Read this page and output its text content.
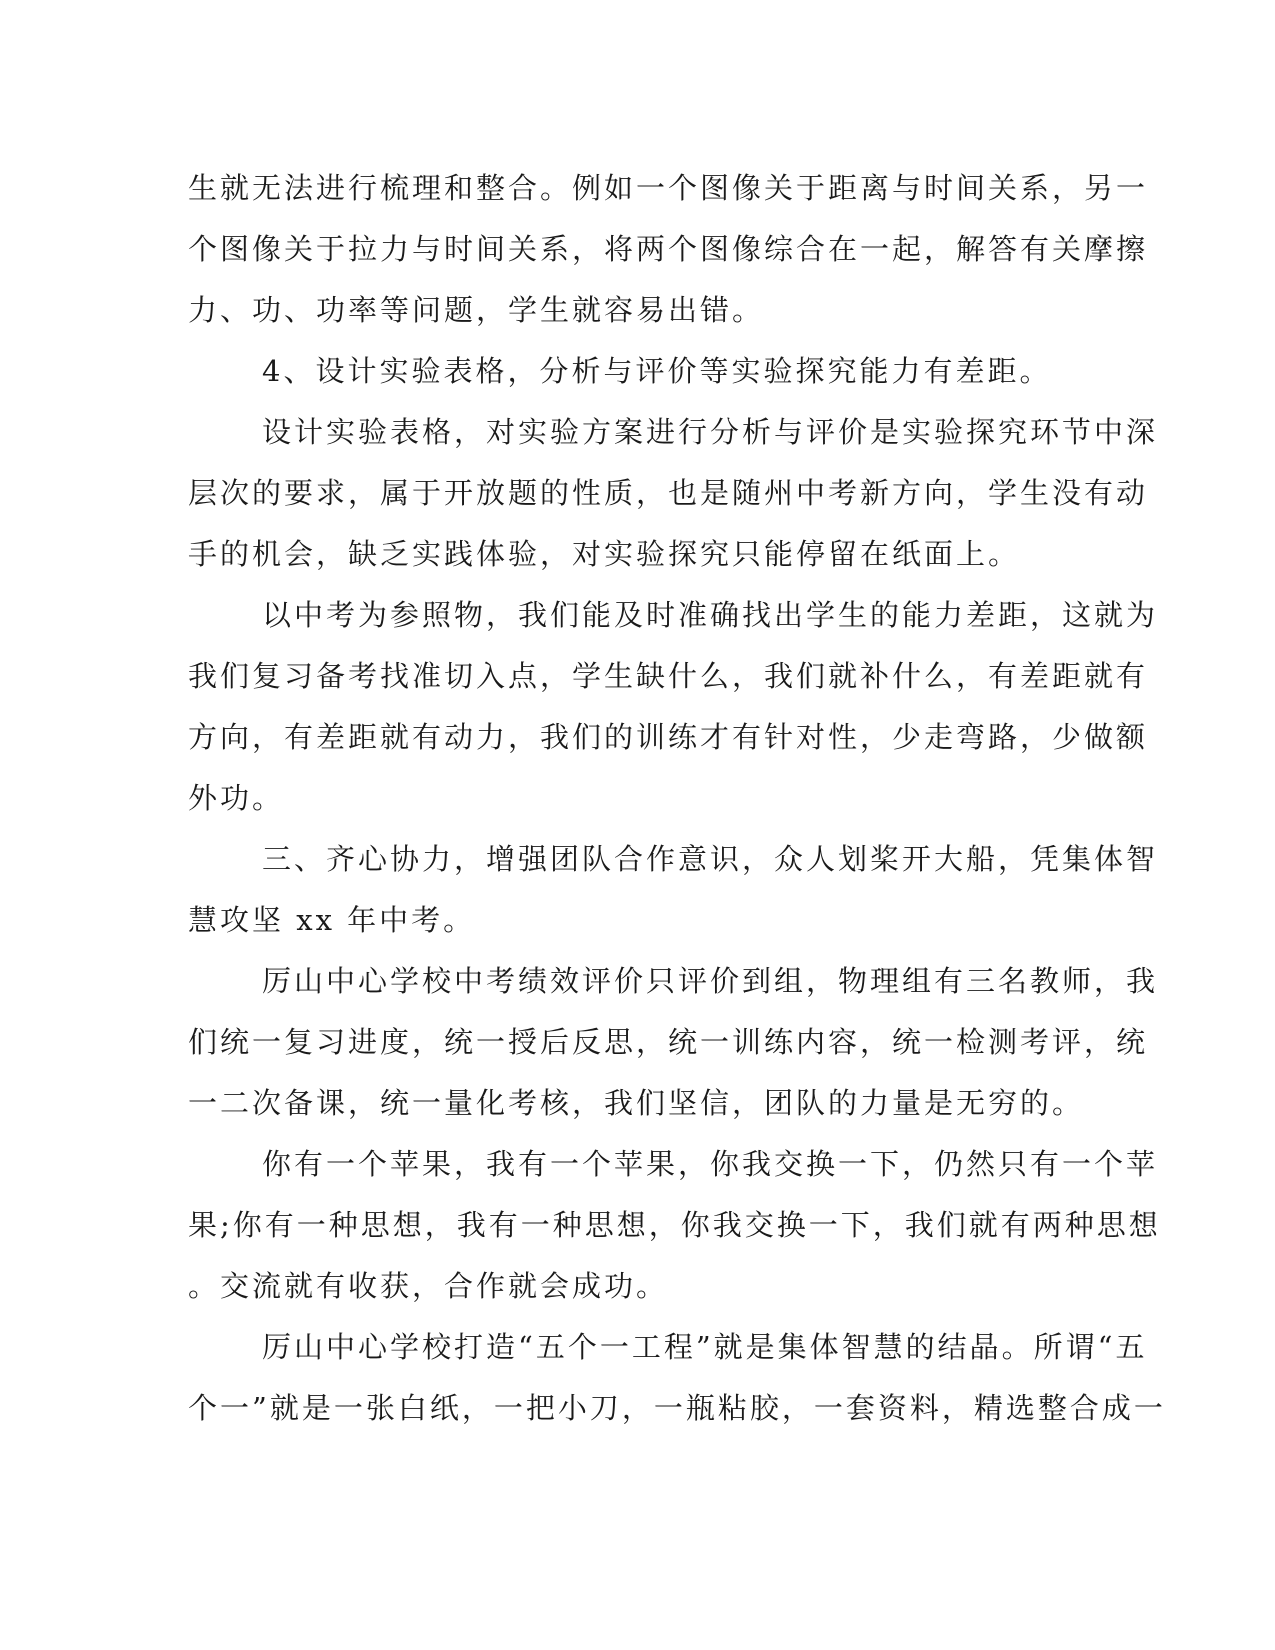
生就无法进行梳理和整合。例如一个图像关于距离与时间关系，另一
个图像关于拉力与时间关系，将两个图像综合在一起，解答有关摩擦
力、功、功率等问题，学生就容易出错。
4、设计实验表格，分析与评价等实验探究能力有差距。
设计实验表格，对实验方案进行分析与评价是实验探究环节中深
层次的要求，属于开放题的性质，也是随州中考新方向，学生没有动
手的机会，缺乏实践体验，对实验探究只能停留在纸面上。
以中考为参照物，我们能及时准确找出学生的能力差距，这就为
我们复习备考找准切入点，学生缺什么，我们就补什么，有差距就有
方向，有差距就有动力，我们的训练才有针对性，少走弯路，少做额
外功。
三、齐心协力，增强团队合作意识，众人划桨开大船，凭集体智
慧攻坚 xx 年中考。
厉山中心学校中考绩效评价只评价到组，物理组有三名教师，我
们统一复习进度，统一授后反思，统一训练内容，统一检测考评，统
一二次备课，统一量化考核，我们坚信，团队的力量是无穷的。
你有一个苹果，我有一个苹果，你我交换一下，仍然只有一个苹
果;你有一种思想，我有一种思想，你我交换一下，我们就有两种思想
。交流就有收获，合作就会成功。
厉山中心学校打造“五个一工程”就是集体智慧的结晶。所谓“五
个一”就是一张白纸，一把小刀，一瓶粘胶，一套资料，精选整合成一
